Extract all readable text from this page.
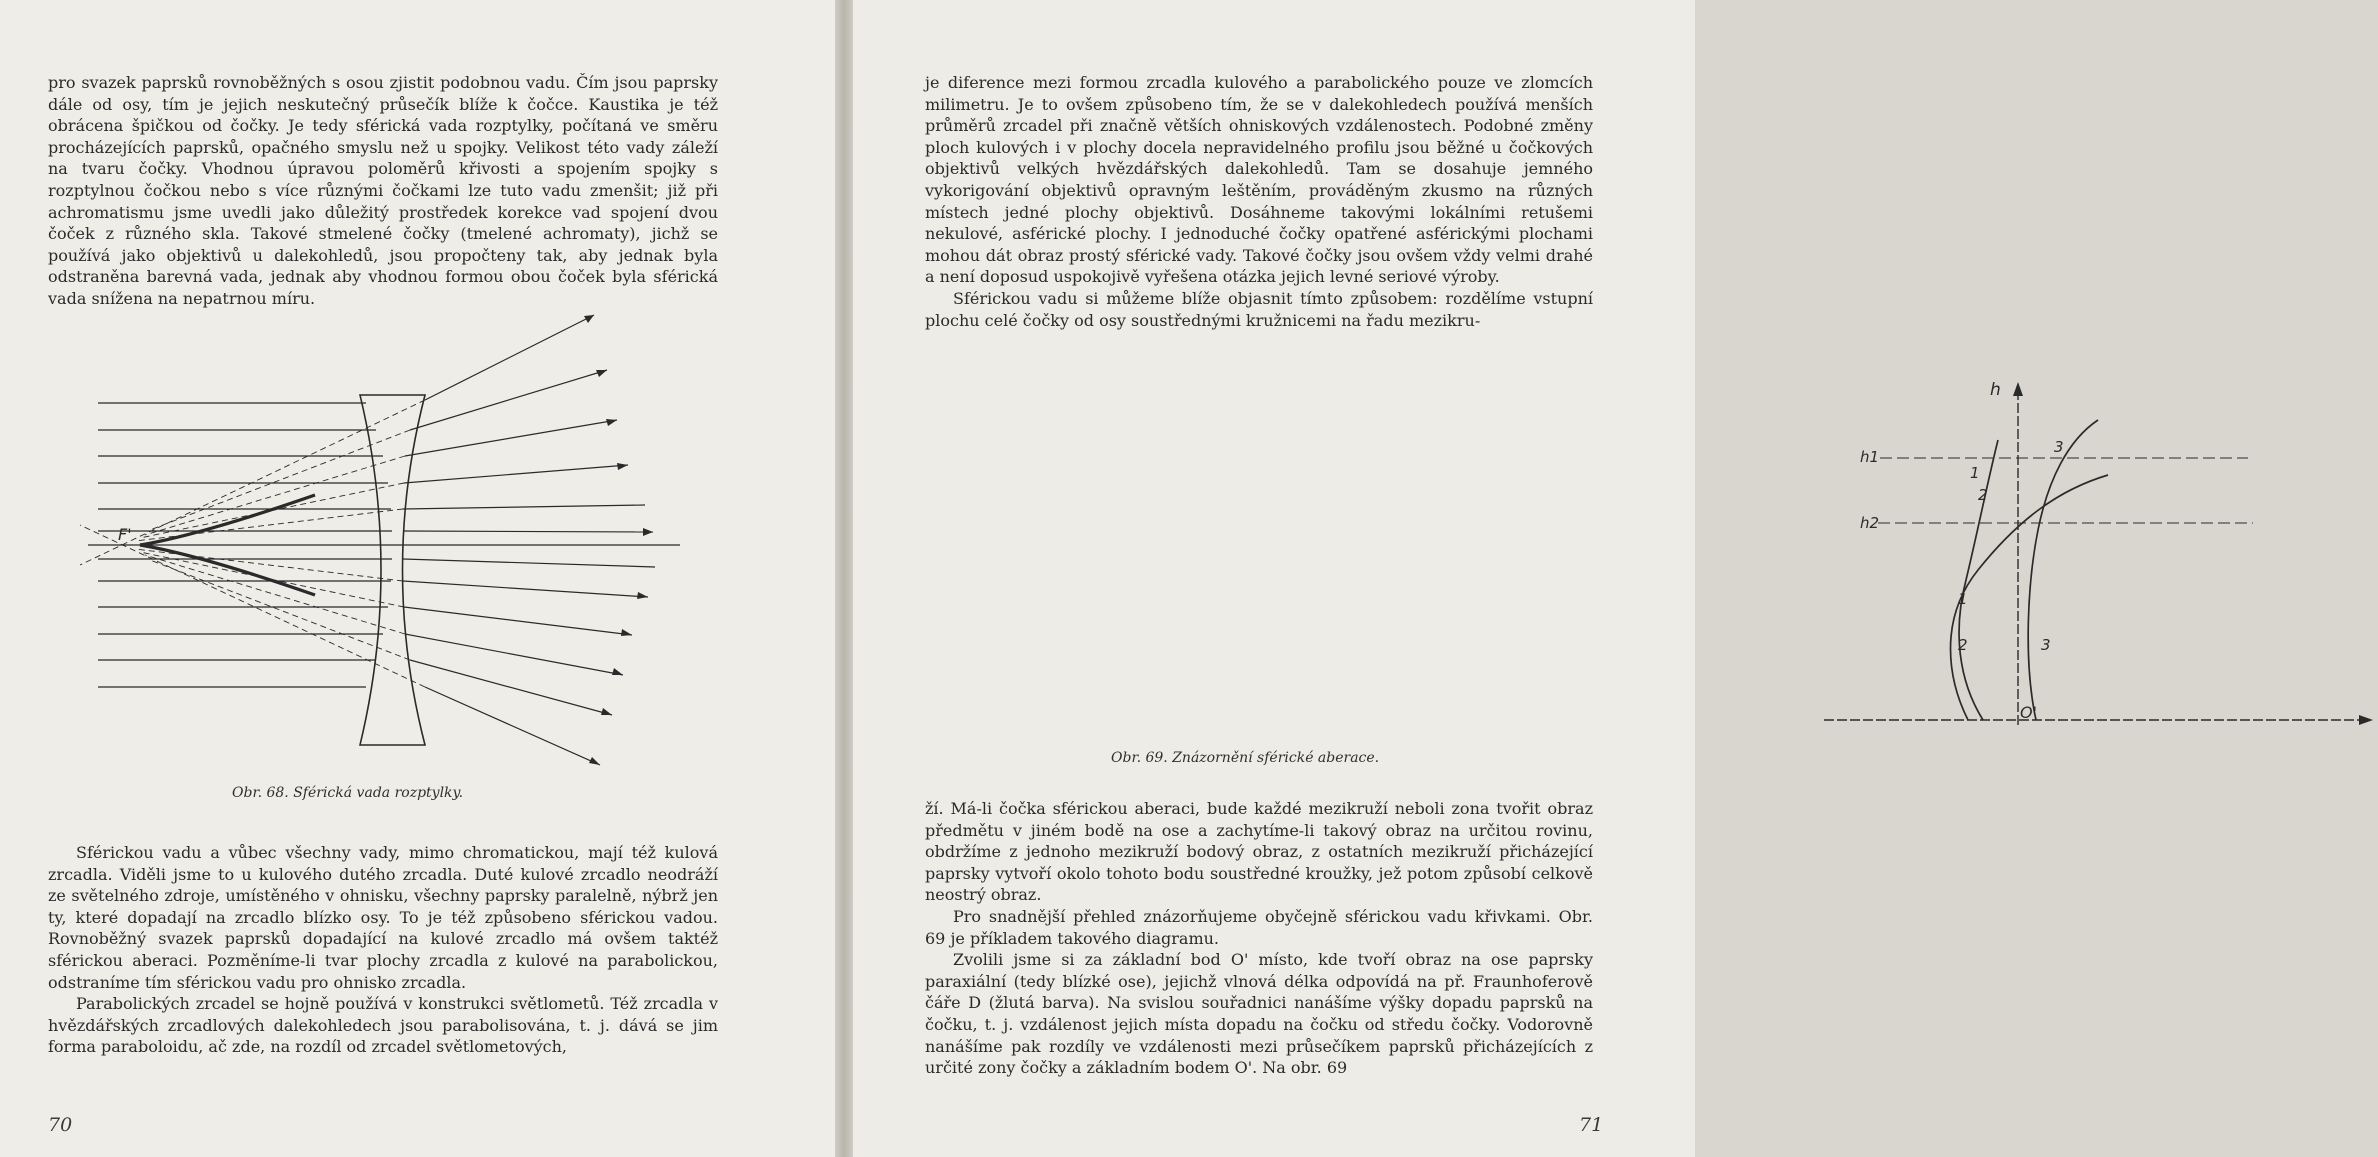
pro svazek paprsků rovnoběžných s osou zjistit podobnou vadu. Čím jsou paprsky dále od osy, tím je jejich neskutečný průsečík blíže k čočce. Kaustika je též obrácena špičkou od čočky. Je tedy sférická vada rozptylky, počítaná ve směru procházejících paprsků, opačného smyslu než u spojky. Velikost této vady záleží na tvaru čočky. Vhodnou úpravou poloměrů křivosti a spojením spojky s rozptylnou čočkou nebo s více různými čočkami lze tuto vadu zmenšit; již při achromatismu jsme uvedli jako důležitý prostředek korekce vad spojení dvou čoček z různého skla. Takové stmelené čočky (tmelené achromaty), jichž se používá jako objektivů u dalekohledů, jsou propočteny tak, aby jednak byla odstraněna barevná vada, jednak aby vhodnou formou obou čoček byla sférická vada snížena na nepatrnou míru.

F'
Obr. 68. Sférická vada rozptylky.

Sférickou vadu a vůbec všechny vady, mimo chromatickou, mají též kulová zrcadla. Viděli jsme to u kulového dutého zrcadla. Duté kulové zrcadlo neodráží ze světelného zdroje, umístěného v ohnisku, všechny paprsky paralelně, nýbrž jen ty, které dopadají na zrcadlo blízko osy. To je též způsobeno sférickou vadou. Rovnoběžný svazek paprsků dopadající na kulové zrcadlo má ovšem taktéž sférickou aberaci. Pozměníme-li tvar plochy zrcadla z kulové na parabolickou, odstraníme tím sférickou vadu pro ohnisko zrcadla.

Parabolických zrcadel se hojně používá v konstrukci světlometů. Též zrcadla v hvězdářských zrcadlových dalekohledech jsou parabolisována, t. j. dává se jim forma paraboloidu, ač zde, na rozdíl od zrcadel světlometových,

70

je diference mezi formou zrcadla kulového a parabolického pouze ve zlomcích milimetru. Je to ovšem způsobeno tím, že se v dalekohledech používá menších průměrů zrcadel při značně větších ohniskových vzdálenostech. Podobné změny ploch kulových i v plochy docela nepravidelného profilu jsou běžné u čočkových objektivů velkých hvězdářských dalekohledů. Tam se dosahuje jemného vykorigování objektivů opravným leštěním, prováděným zkusmo na různých místech jedné plochy objektivů. Dosáhneme takovými lokálními retušemi nekulové, asférické plochy. I jednoduché čočky opatřené asférickými plochami mohou dát obraz prostý sférické vady. Takové čočky jsou ovšem vždy velmi drahé a není doposud uspokojivě vyřešena otázka jejich levné seriové výroby.

Sférickou vadu si můžeme blíže objasnit tímto způsobem: rozdělíme vstupní plochu celé čočky od osy soustřednými kružnicemi na řadu mezikru-

h
h1
h2
O'
1
1
2
2
3
3
Obr. 69. Znázornění sférické aberace.

ží. Má-li čočka sférickou aberaci, bude každé mezikruží neboli zona tvořit obraz předmětu v jiném bodě na ose a zachytíme-li takový obraz na určitou rovinu, obdržíme z jednoho mezikruží bodový obraz, z ostatních mezikruží přicházející paprsky vytvoří okolo tohoto bodu soustředné kroužky, jež potom způsobí celkově neostrý obraz.

Pro snadnější přehled znázorňujeme obyčejně sférickou vadu křivkami. Obr. 69 je příkladem takového diagramu.

Zvolili jsme si za základní bod O' místo, kde tvoří obraz na ose paprsky paraxiální (tedy blízké ose), jejichž vlnová délka odpovídá na př. Fraunhoferově čáře D (žlutá barva). Na svislou souřadnici nanášíme výšky dopadu paprsků na čočku, t. j. vzdálenost jejich místa dopadu na čočku od středu čočky. Vodorovně nanášíme pak rozdíly ve vzdálenosti mezi průsečíkem paprsků přicházejících z určité zony čočky a základním bodem O'. Na obr. 69

71
